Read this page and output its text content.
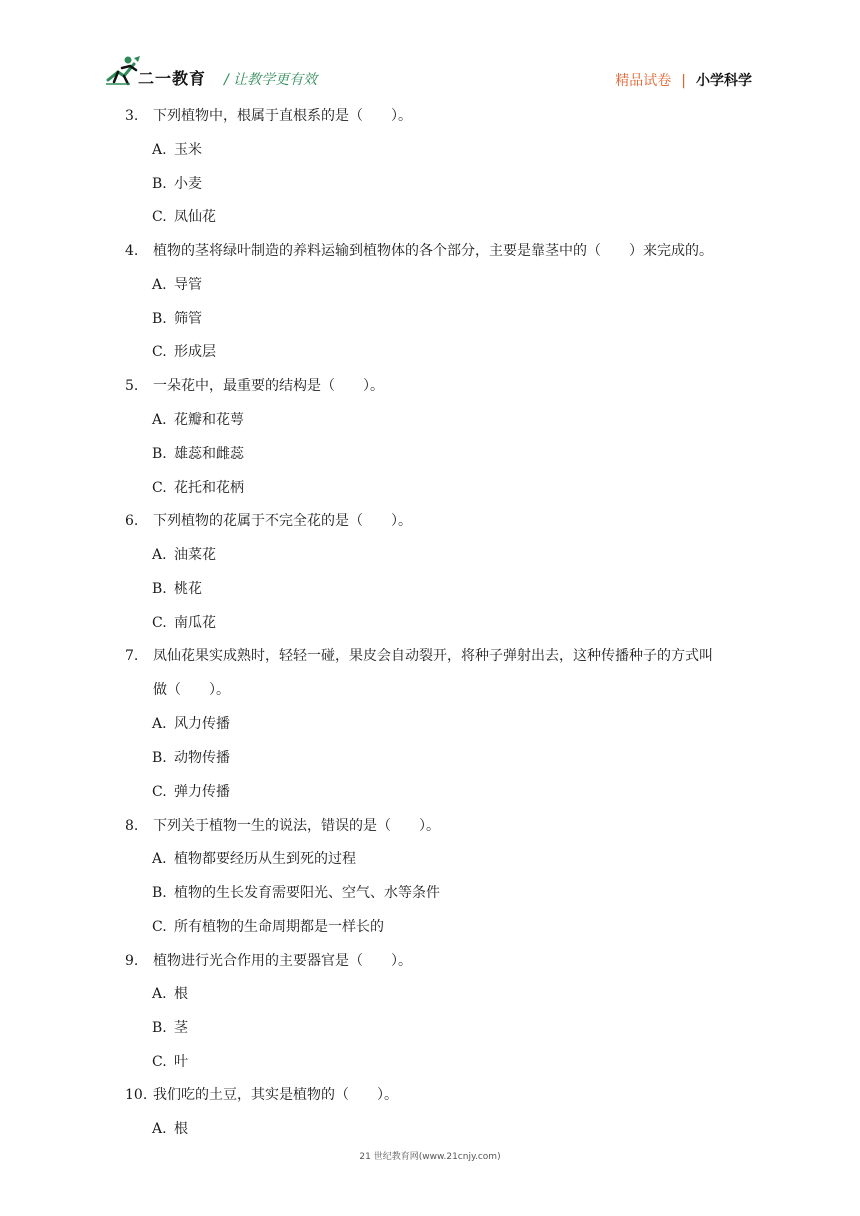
二一教育 / 让教学更有效	精品试卷 | 小学科学
3. 下列植物中，根属于直根系的是（　　）。
A. 玉米
B. 小麦
C. 凤仙花
4. 植物的茎将绿叶制造的养料运输到植物体的各个部分，主要是靠茎中的（　　）来完成的。
A. 导管
B. 筛管
C. 形成层
5. 一朵花中，最重要的结构是（　　）。
A. 花瓣和花萼
B. 雄蕊和雌蕊
C. 花托和花柄
6. 下列植物的花属于不完全花的是（　　）。
A. 油菜花
B. 桃花
C. 南瓜花
7. 凤仙花果实成熟时，轻轻一碰，果皮会自动裂开，将种子弹射出去，这种传播种子的方式叫
做（　　）。
A. 风力传播
B. 动物传播
C. 弹力传播
8. 下列关于植物一生的说法，错误的是（　　）。
A. 植物都要经历从生到死的过程
B. 植物的生长发育需要阳光、空气、水等条件
C. 所有植物的生命周期都是一样长的
9. 植物进行光合作用的主要器官是（　　）。
A. 根
B. 茎
C. 叶
10. 我们吃的土豆，其实是植物的（　　）。
A. 根
21 世纪教育网(www.21cnjy.com)
